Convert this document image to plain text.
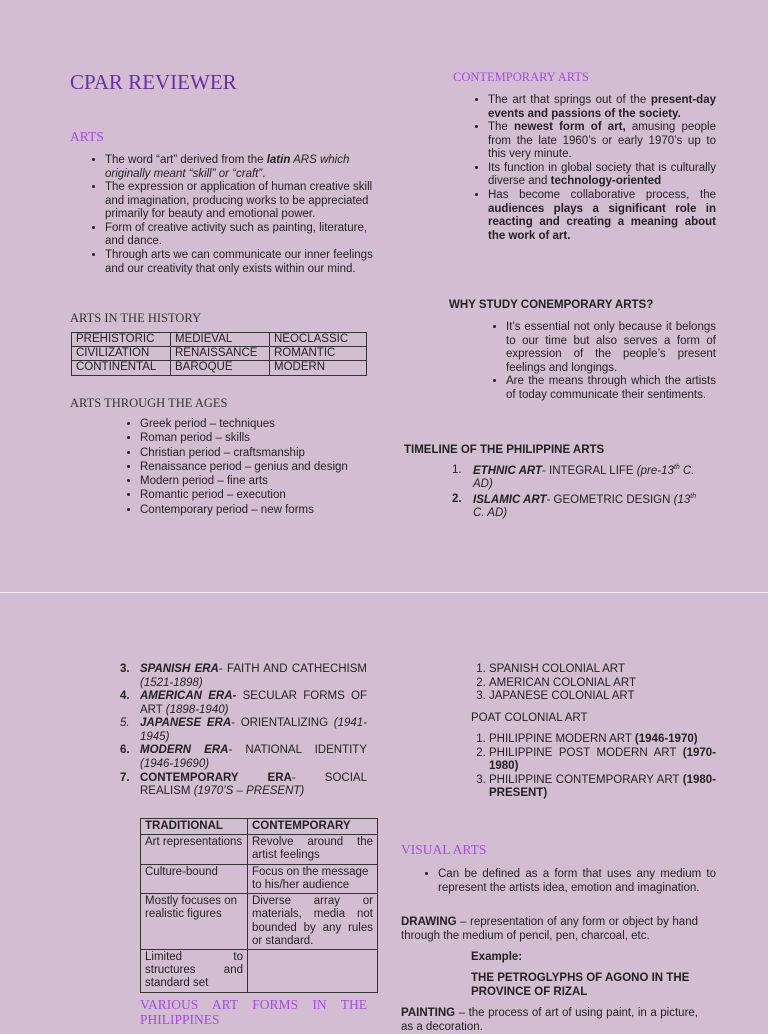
CPAR REVIEWER
ARTS
• The word “art” derived from the latin ARS which originally meant “skill” or “craft”.
• The expression or application of human creative skill and imagination, producing works to be appreciated primarily for beauty and emotional power.
• Form of creative activity such as painting, literature, and dance.
• Through arts we can communicate our inner feelings and our creativity that only exists within our mind.
ARTS IN THE HISTORY
PREHISTORIC	MEDIEVAL	NEOCLASSIC
CIVILIZATION	RENAISSANCE	ROMANTIC
CONTINENTAL	BAROQUE	MODERN
ARTS THROUGH THE AGES
• Greek period – techniques
• Roman period – skills
• Christian period – craftsmanship
• Renaissance period – genius and design
• Modern period – fine arts
• Romantic period – execution
• Contemporary period – new forms
CONTEMPORARY ARTS
• The art that springs out of the present-day events and passions of the society.
• The newest form of art, amusing people from the late 1960’s or early 1970’s up to this very minute.
• Its function in global society that is culturally diverse and technology-oriented
• Has become collaborative process, the audiences plays a significant role in reacting and creating a meaning about the work of art.
WHY STUDY CONEMPORARY ARTS?
• It’s essential not only because it belongs to our time but also serves a form of expression of the people’s present feelings and longings.
• Are the means through which the artists of today communicate their sentiments.
TIMELINE OF THE PHILIPPINE ARTS
1. ETHNIC ART- INTEGRAL LIFE (pre-13th C. AD)
2. ISLAMIC ART- GEOMETRIC DESIGN (13th C. AD)
3. SPANISH ERA- FAITH AND CATHECHISM (1521-1898)
4. AMERICAN ERA- SECULAR FORMS OF ART (1898-1940)
5. JAPANESE ERA- ORIENTALIZING (1941-1945)
6. MODERN ERA- NATIONAL IDENTITY (1946-19690)
7. CONTEMPORARY ERA- SOCIAL REALISM (1970’S – PRESENT)
TRADITIONAL	CONTEMPORARY
Art representations	Revolve around the artist feelings
Culture-bound	Focus on the message to his/her audience
Mostly focuses on realistic figures	Diverse array or materials, media not bounded by any rules or standard.
Limited to structures and standard set	
VARIOUS ART FORMS IN THE PHILIPPINES
1. SPANISH COLONIAL ART
2. AMERICAN COLONIAL ART
3. JAPANESE COLONIAL ART
POAT COLONIAL ART
1. PHILIPPINE MODERN ART (1946-1970)
2. PHILIPPINE POST MODERN ART (1970-1980)
3. PHILIPPINE CONTEMPORARY ART (1980- PRESENT)
VISUAL ARTS
• Can be defined as a form that uses any medium to represent the artists idea, emotion and imagination.
DRAWING – representation of any form or object by hand through the medium of pencil, pen, charcoal, etc.
Example:
THE PETROGLYPHS OF AGONO IN THE PROVINCE OF RIZAL
PAINTING – the process of art of using paint, in a picture, as a decoration.
